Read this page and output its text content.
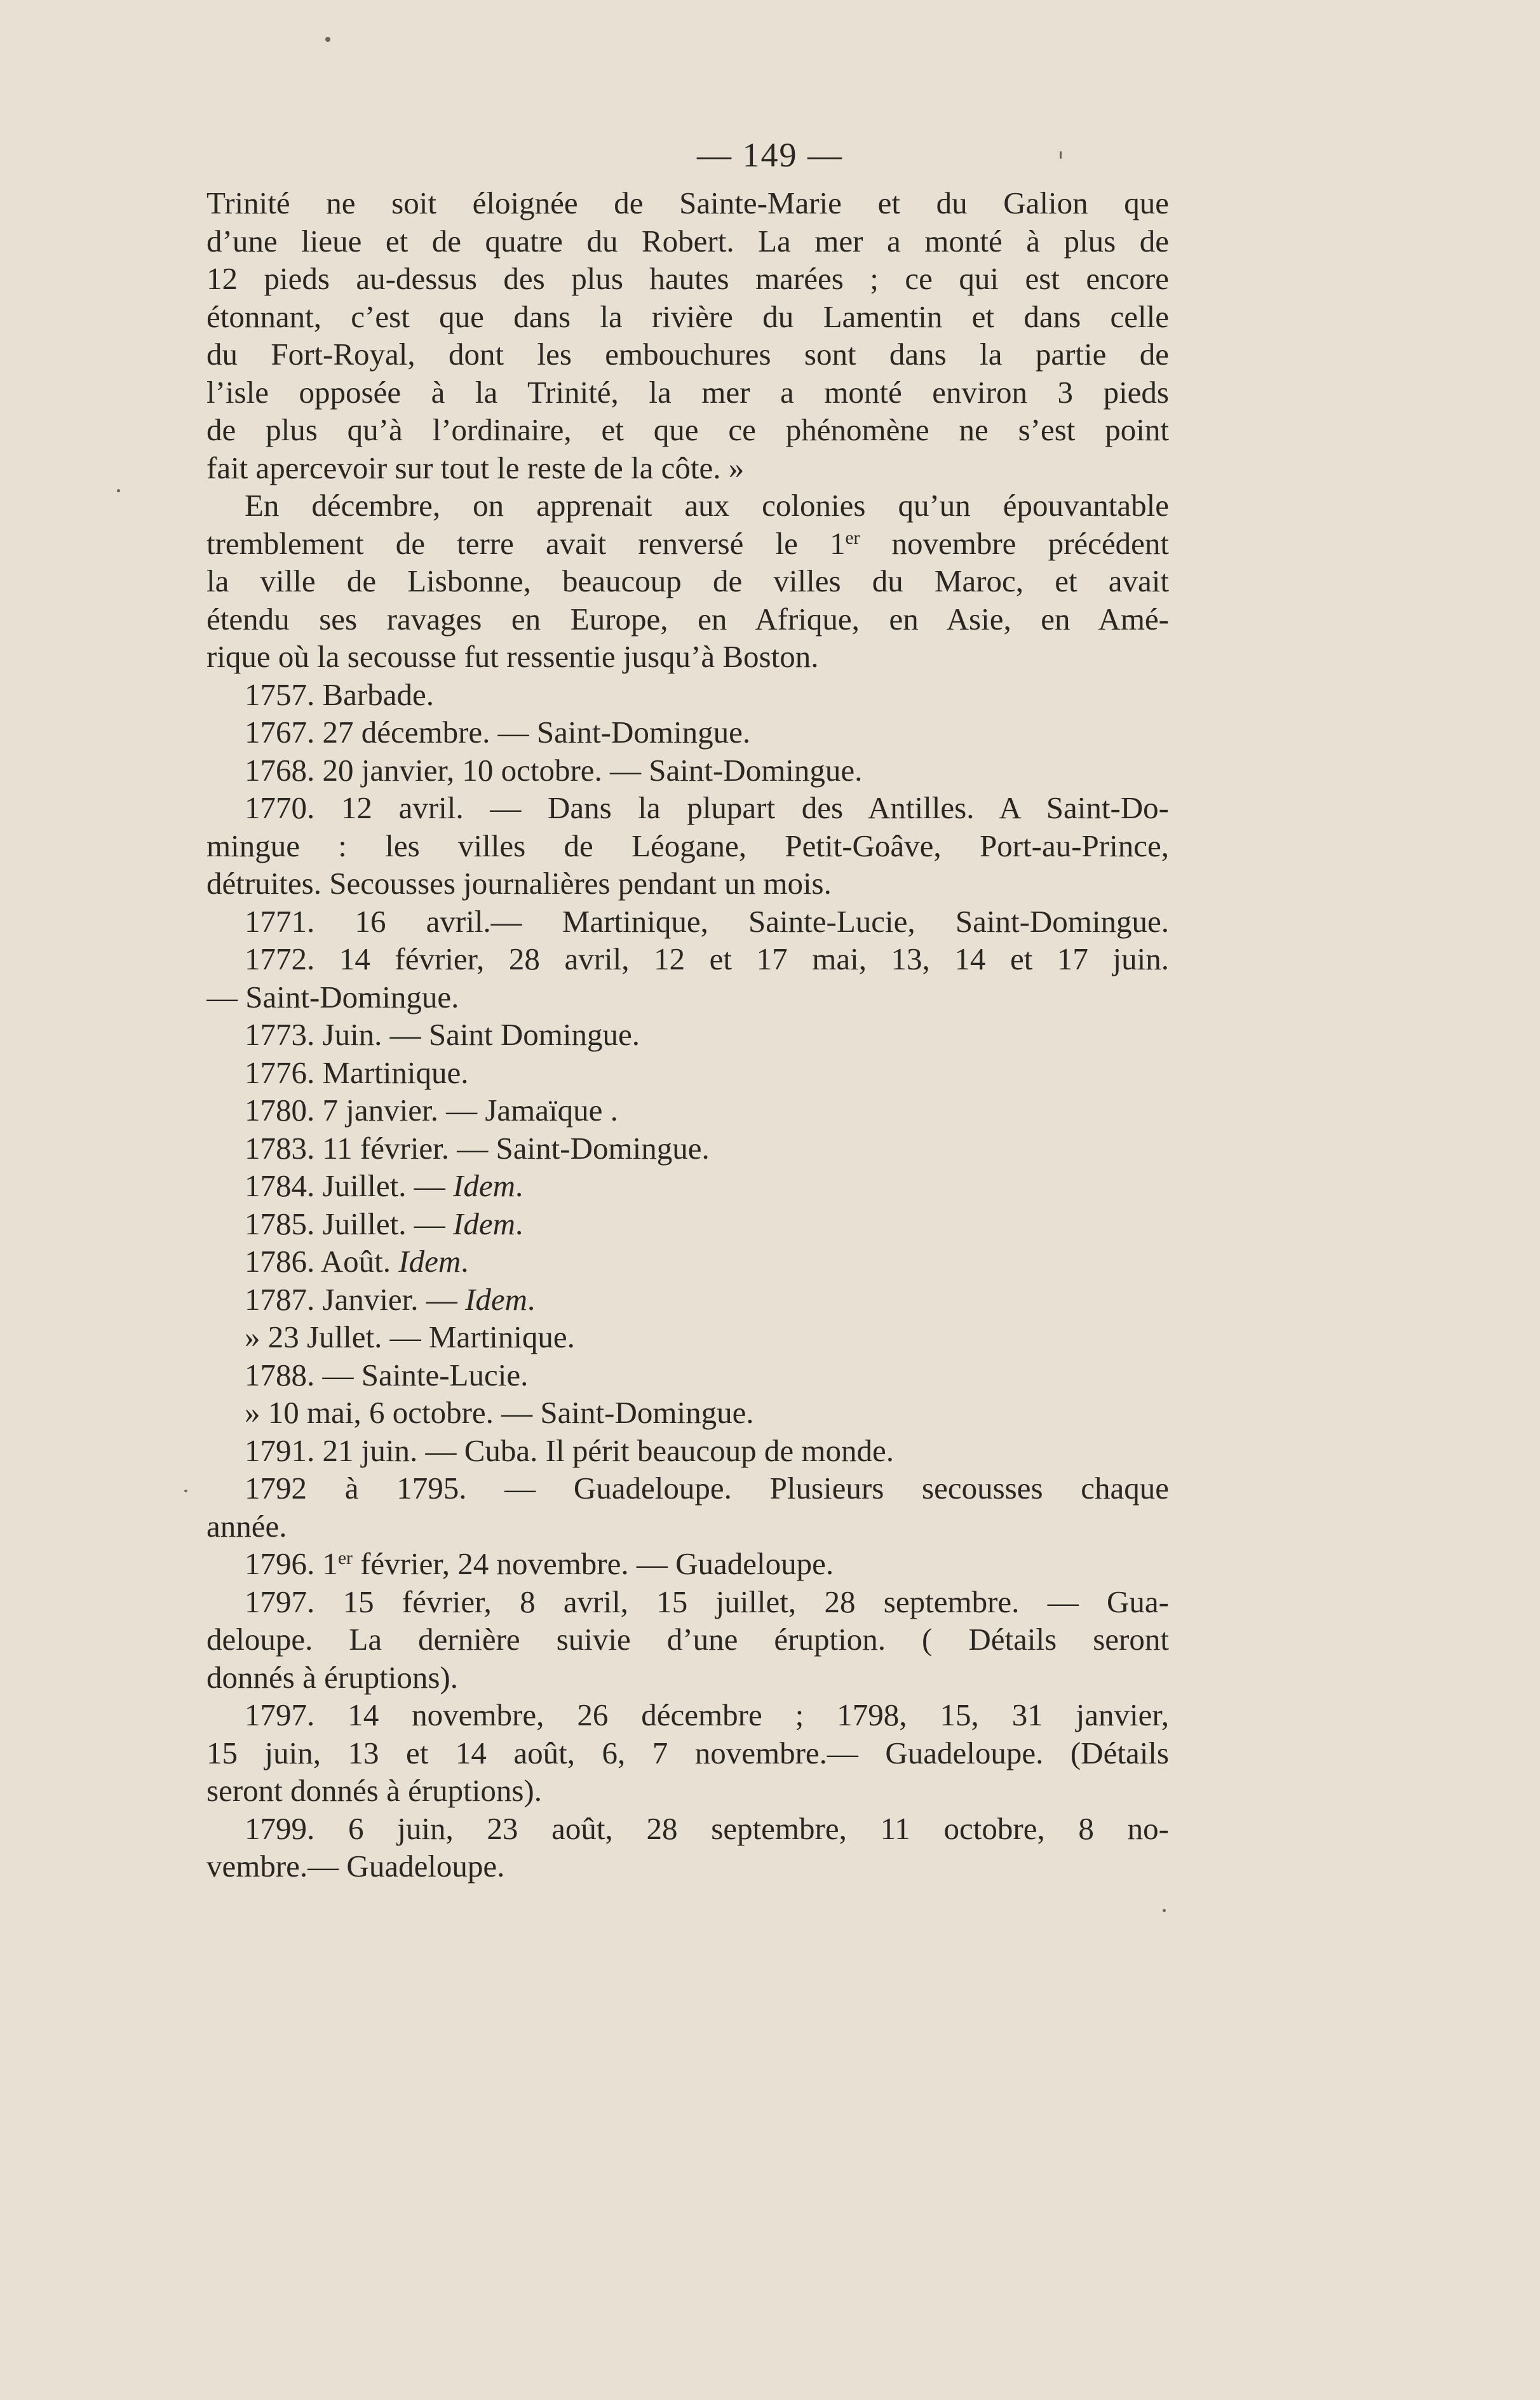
— 149 —
Trinité ne soit éloignée de Sainte-Marie et du Galion que
d’une lieue et de quatre du Robert. La mer a monté à plus de
12 pieds au-dessus des plus hautes marées ; ce qui est encore
étonnant, c’est que dans la rivière du Lamentin et dans celle
du Fort-Royal, dont les embouchures sont dans la partie de
l’isle opposée à la Trinité, la mer a monté environ 3 pieds
de plus qu’à l’ordinaire, et que ce phénomène ne s’est point
fait apercevoir sur tout le reste de la côte. »
En décembre, on apprenait aux colonies qu’un épouvantable
tremblement de terre avait renversé le 1er novembre précédent
la ville de Lisbonne, beaucoup de villes du Maroc, et avait
étendu ses ravages en Europe, en Afrique, en Asie, en Amé-
rique où la secousse fut ressentie jusqu’à Boston.
1757. Barbade.
1767. 27 décembre. — Saint-Domingue.
1768. 20 janvier, 10 octobre. — Saint-Domingue.
1770. 12 avril. — Dans la plupart des Antilles. A Saint-Do-
mingue : les villes de Léogane, Petit-Goâve, Port-au-Prince,
détruites. Secousses journalières pendant un mois.
1771. 16 avril.— Martinique, Sainte-Lucie, Saint-Domingue.
1772. 14 février, 28 avril, 12 et 17 mai, 13, 14 et 17 juin.
— Saint-Domingue.
1773. Juin. — Saint Domingue.
1776. Martinique.
1780. 7 janvier. — Jamaïque .
1783. 11 février. — Saint-Domingue.
1784. Juillet. — Idem.
1785. Juillet. — Idem.
1786. Août. Idem.
1787. Janvier. — Idem.
» 23 Jullet. — Martinique.
1788. — Sainte-Lucie.
» 10 mai, 6 octobre. — Saint-Domingue.
1791. 21 juin. — Cuba. Il périt beaucoup de monde.
1792 à 1795. — Guadeloupe. Plusieurs secousses chaque
année.
1796. 1er février, 24 novembre. — Guadeloupe.
1797. 15 février, 8 avril, 15 juillet, 28 septembre. — Gua-
deloupe. La dernière suivie d’une éruption. ( Détails seront
donnés à éruptions).
1797. 14 novembre, 26 décembre ; 1798, 15, 31 janvier,
15 juin, 13 et 14 août, 6, 7 novembre.— Guadeloupe. (Détails
seront donnés à éruptions).
1799. 6 juin, 23 août, 28 septembre, 11 octobre, 8 no-
vembre.— Guadeloupe.
